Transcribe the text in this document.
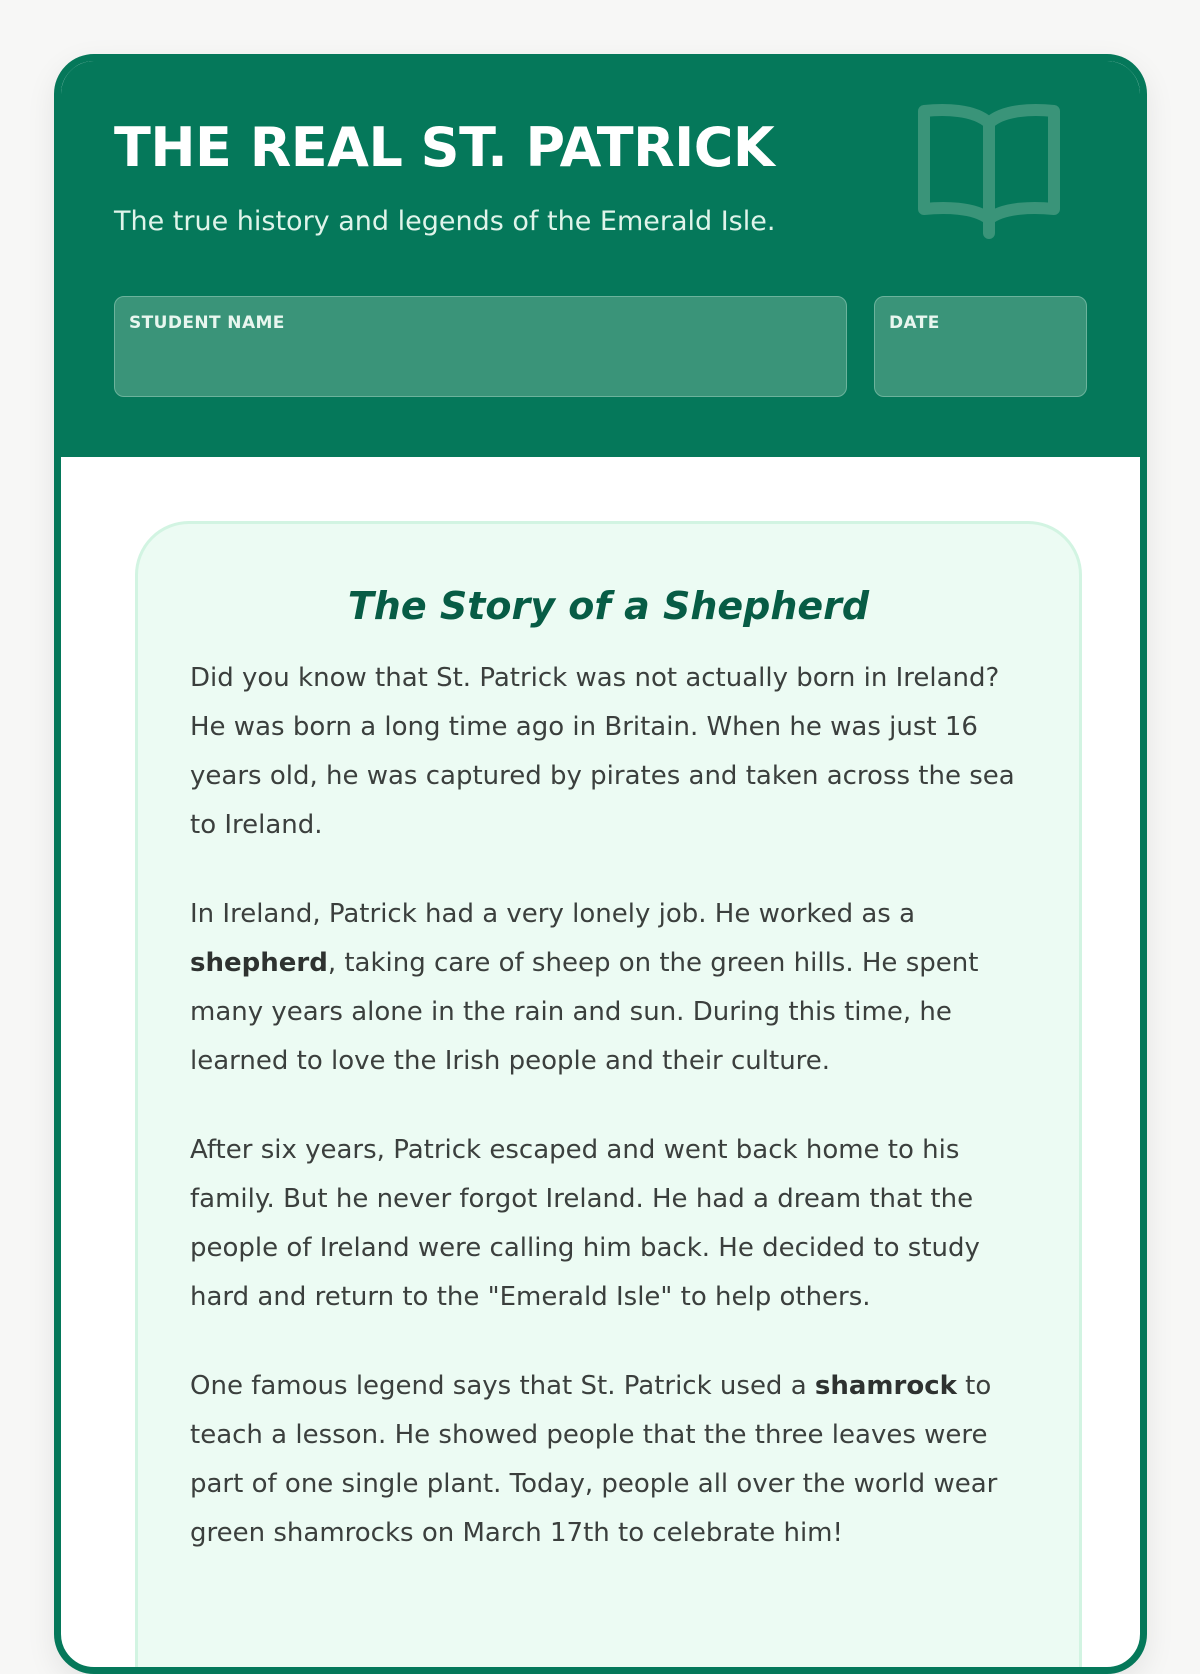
THE REAL ST. PATRICK

The true history and legends of the Emerald Isle.

STUDENT NAME	DATE
The Story of a Shepherd

Did you know that St. Patrick was not actually born in Ireland? He was born a long time ago in Britain. When he was just 16 years old, he was captured by pirates and taken across the sea to Ireland.

In Ireland, Patrick had a very lonely job. He worked as a shepherd, taking care of sheep on the green hills. He spent many years alone in the rain and sun. During this time, he learned to love the Irish people and their culture.

After six years, Patrick escaped and went back home to his family. But he never forgot Ireland. He had a dream that the people of Ireland were calling him back. He decided to study hard and return to the "Emerald Isle" to help others.

One famous legend says that St. Patrick used a shamrock to teach a lesson. He showed people that the three leaves were part of one single plant. Today, people all over the world wear green shamrocks on March 17th to celebrate him!
